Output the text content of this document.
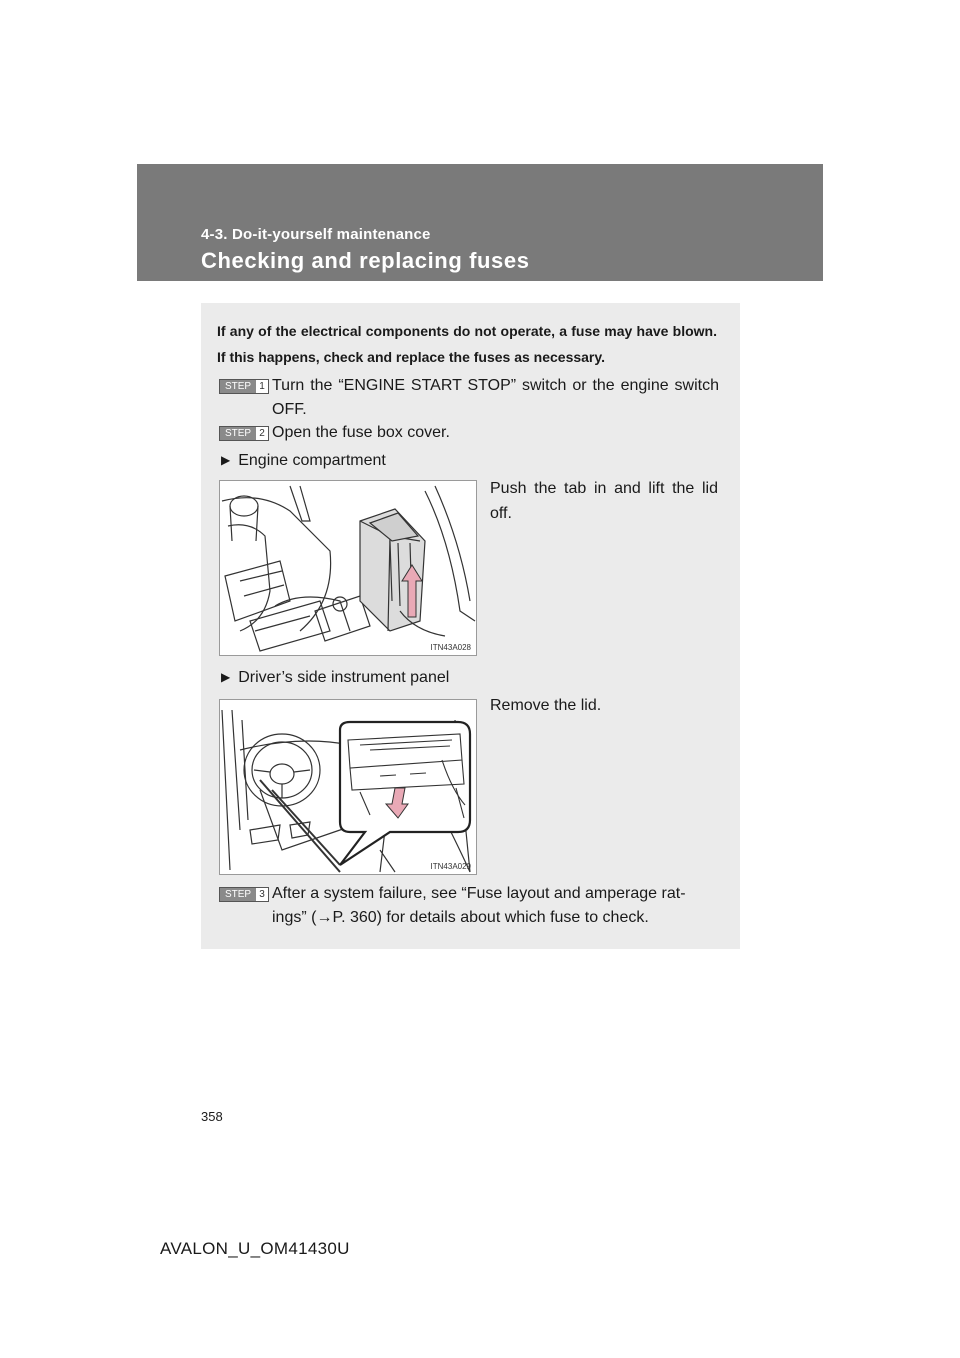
4-3. Do-it-yourself maintenance
Checking and replacing fuses
If any of the electrical components do not operate, a fuse may have blown. If this happens, check and replace the fuses as necessary.
STEP 1 Turn the “ENGINE START STOP” switch or the engine switch OFF.
STEP 2 Open the fuse box cover.
▶ Engine compartment
ITN43A028
Push the tab in and lift the lid off.
▶ Driver’s side instrument panel
ITN43A029
Remove the lid.
STEP 3 After a system failure, see “Fuse layout and amperage rat-
ings” (→P. 360) for details about which fuse to check.
358
AVALON_U_OM41430U
